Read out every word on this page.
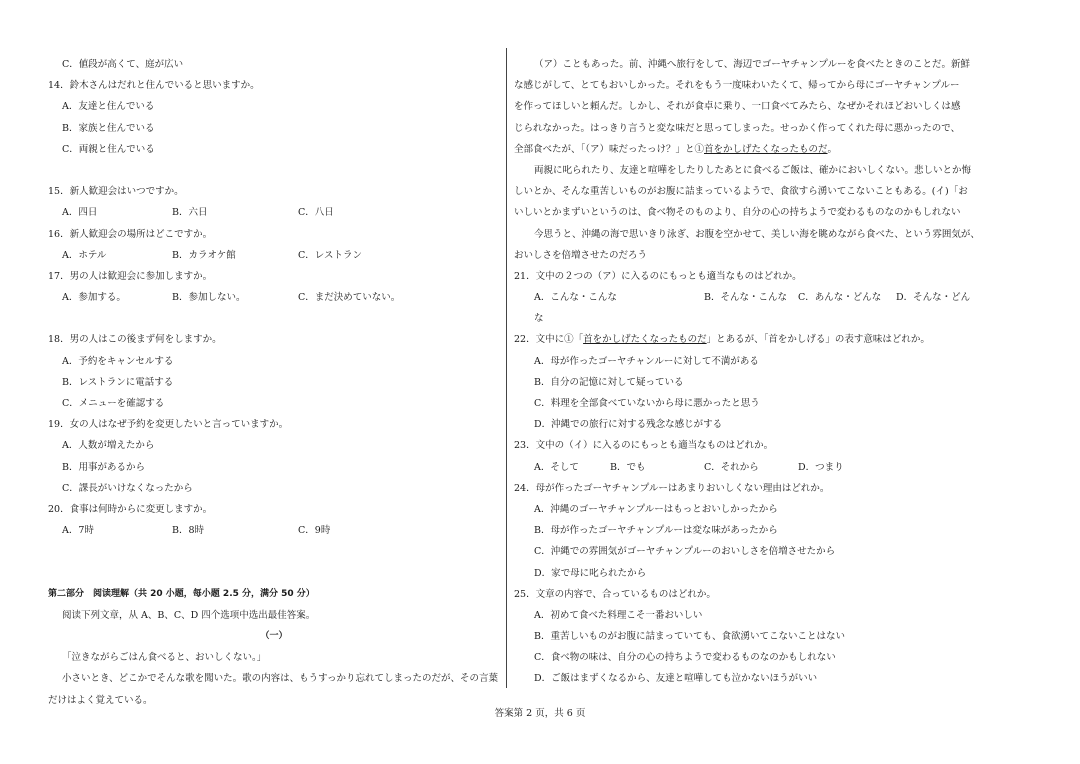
C．値段が高くて、庭が広い
14．鈴木さんはだれと住んでいると思いますか。
A．友達と住んでいる
B．家族と住んでいる
C．両親と住んでいる
15．新人歓迎会はいつですか。
A．四日	B．六日	C．八日
16．新人歓迎会の場所はどこですか。
A．ホテル	B．カラオケ館	C．レストラン
17．男の人は歓迎会に参加しますか。
A．参加する。	B．参加しない。	C．まだ決めていない。
18．男の人はこの後まず何をしますか。
A．予約をキャンセルする
B．レストランに電話する
C．メニューを確認する
19．女の人はなぜ予約を変更したいと言っていますか。
A．人数が増えたから
B．用事があるから
C．課長がいけなくなったから
20．食事は何時からに変更しますか。
A．7時	B．8時	C．9時
第二部分　阅读理解（共 20 小题，每小题 2.5 分，满分 50 分）
阅读下列文章，从 A、B、C、D 四个选项中选出最佳答案。
（一）
「泣きながらごはん食べると、おいしくない。」
小さいとき、どこかでそんな歌を聞いた。歌の内容は、もうすっかり忘れてしまったのだが、その言葉
だけはよく覚えている。
（ア）こともあった。前、沖縄へ旅行をして、海辺でゴーヤチャンプルーを食べたときのことだ。新鮮
な感じがして、とてもおいしかった。それをもう一度味わいたくて、帰ってから母にゴーヤチャンプルー
を作ってほしいと頼んだ。しかし、それが食卓に乗り、一口食べてみたら、なぜかそれほどおいしくは感
じられなかった。はっきり言うと変な味だと思ってしまった。せっかく作ってくれた母に悪かったので、
全部食べたが、「（ア）味だったっけ？」と①首をかしげたくなったものだ。
両親に叱られたり、友達と喧嘩をしたりしたあとに食べるご飯は、確かにおいしくない。悲しいとか悔
しいとか、そんな重苦しいものがお腹に詰まっているようで、食欲すら湧いてこないこともある。(イ)「お
いしいとかまずいというのは、食べ物そのものより、自分の心の持ちようで変わるものなのかもしれない
今思うと、沖縄の海で思いきり泳ぎ、お腹を空かせて、美しい海を眺めながら食べた、という雰囲気が、
おいしさを倍増させたのだろう
21．文中の２つの（ア）に入るのにもっとも適当なものはどれか。
A．こんな・こんな	B．そんな・こんな C．あんな・どんな D．そんな・どん
な
22．文中に①「首をかしげたくなったものだ」とあるが、「首をかしげる」の表す意味はどれか。
A．母が作ったゴーヤチャンルーに対して不満がある
B．自分の記憶に対して疑っている
C．料理を全部食べていないから母に悪かったと思う
D．沖縄での旅行に対する残念な感じがする
23．文中の（イ）に入るのにもっとも適当なものはどれか。
A．そして	B．でも	C．それから	D．つまり
24．母が作ったゴーヤチャンプルーはあまりおいしくない理由はどれか。
A．沖縄のゴーヤチャンプルーはもっとおいしかったから
B．母が作ったゴーヤチャンプルーは変な味があったから
C．沖縄での雰囲気がゴーヤチャンプルーのおいしさを倍増させたから
D．家で母に叱られたから
25．文章の内容で、合っているものはどれか。
A．初めて食べた料理こそ一番おいしい
B．重苦しいものがお腹に詰まっていても、食欲湧いてこないことはない
C．食べ物の味は、自分の心の持ちようで変わるものなのかもしれない
D．ご飯はまずくなるから、友達と喧嘩しても泣かないほうがいい
答案第 2 页，共 6 页
